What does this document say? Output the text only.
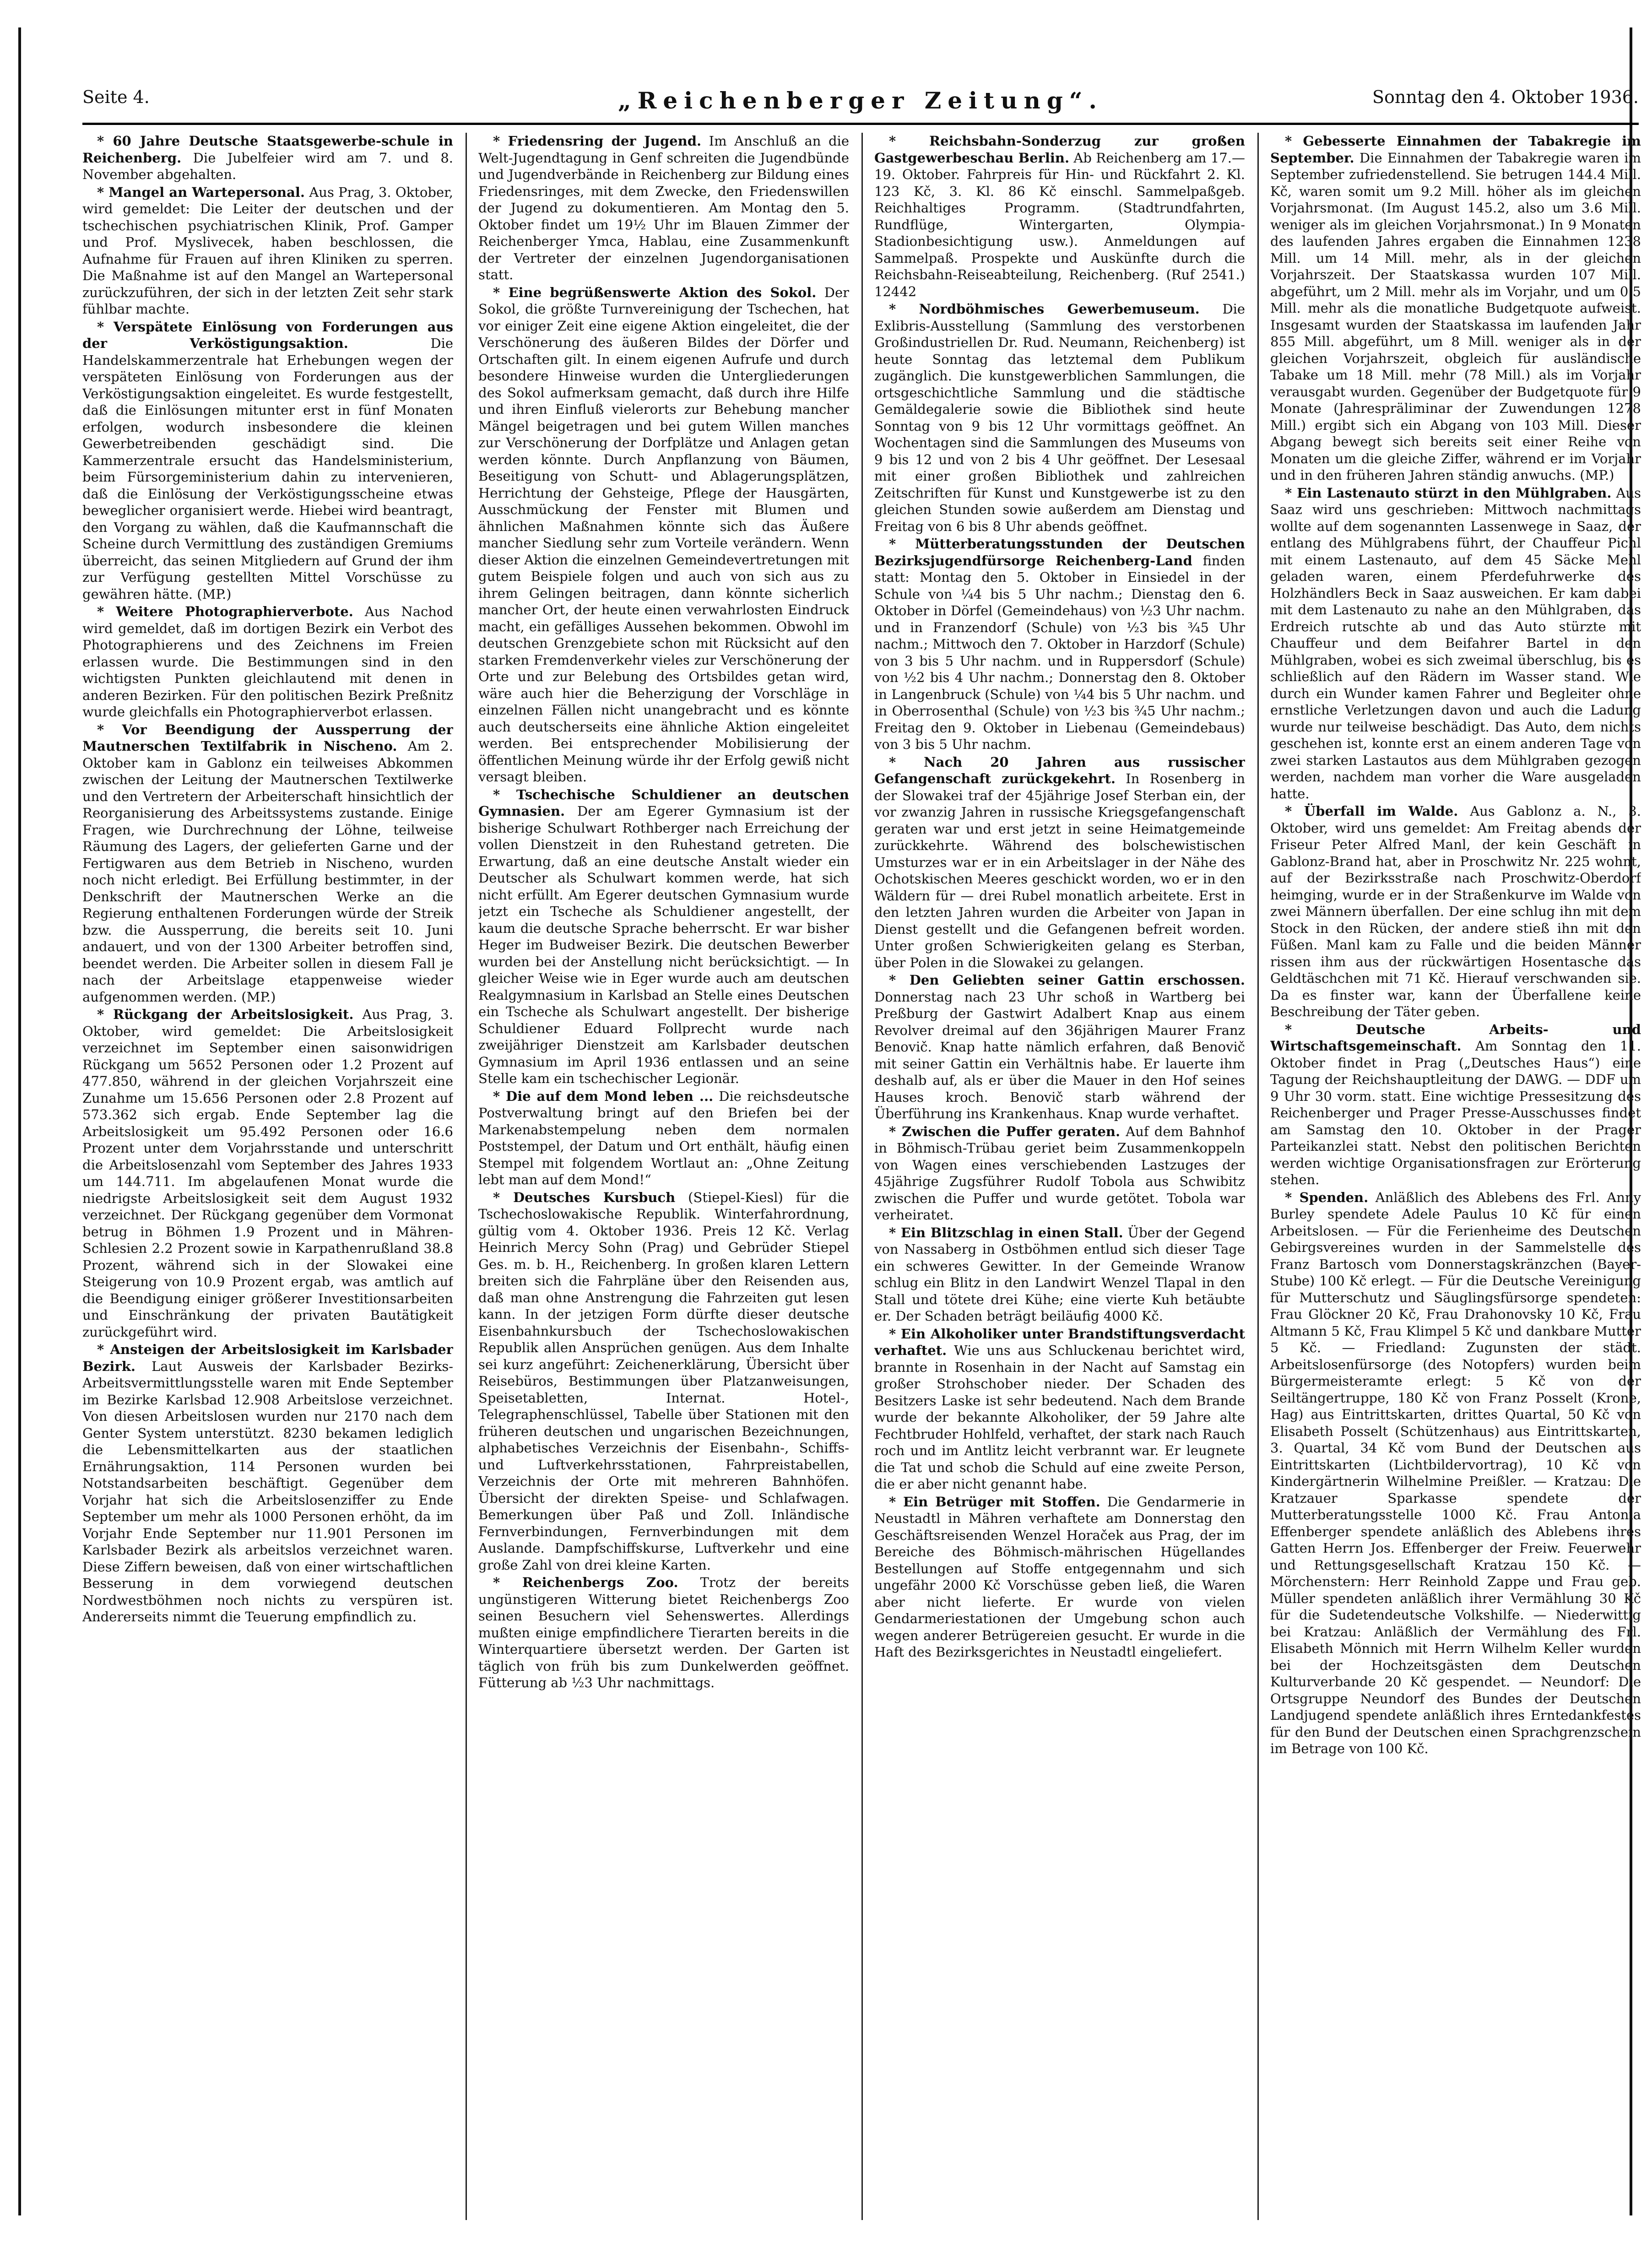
Seite 4.	„Reichenberger Zeitung“.	Sonntag den 4. Oktober 1936.

* 60 Jahre Deutsche Staatsgewerbe-schule in Reichenberg. Die Jubelfeier wird am 7. und 8. November abgehalten.

* Mangel an Wartepersonal. Aus Prag, 3. Oktober, wird gemeldet: Die Leiter der deutschen und der tschechischen psychiatrischen Klinik, Prof. Gamper und Prof. Myslivecek, haben beschlossen, die Aufnahme für Frauen auf ihren Kliniken zu sperren. Die Maßnahme ist auf den Mangel an Wartepersonal zurückzuführen, der sich in der letzten Zeit sehr stark fühlbar machte.

* Verspätete Einlösung von Forderungen aus der Verköstigungsaktion.	Die Handelskammerzentrale hat Erhebungen wegen der verspäteten Einlösung von Forderungen aus der Verköstigungsaktion eingeleitet. Es wurde festgestellt, daß die Einlösungen mitunter erst in fünf Monaten erfolgen, wodurch insbesondere die kleinen Gewerbetreibenden geschädigt sind. Die Kammerzentrale ersucht das Handelsministerium, beim Fürsorgeministerium dahin zu intervenieren, daß die Einlösung der Verköstigungsscheine etwas beweglicher organisiert werde. Hiebei wird beantragt, den Vorgang zu wählen, daß die Kaufmannschaft die Scheine durch Vermittlung des zuständigen Gremiums überreicht, das seinen Mitgliedern auf Grund der ihm zur Verfügung gestellten Mittel Vorschüsse zu gewähren hätte. (MP.)

* Weitere Photographierverbote. Aus Nachod wird gemeldet, daß im dortigen Bezirk ein Verbot des Photographierens und des Zeichnens im Freien erlassen wurde. Die Bestimmungen sind in den wichtigsten Punkten gleichlautend mit denen in anderen Bezirken. Für den politischen Bezirk Preßnitz wurde gleichfalls ein Photographierverbot erlassen.

* Vor Beendigung der Aussperrung der Mautnerschen Textilfabrik in Nischeno. Am 2. Oktober kam in Gablonz ein teilweises Abkommen zwischen der Leitung der Mautnerschen Textilwerke und den Vertretern der Arbeiterschaft hinsichtlich der Reorganisierung des Arbeitssystems zustande. Einige Fragen, wie Durchrechnung der Löhne, teilweise Räumung des Lagers, der gelieferten Garne und der Fertigwaren aus dem Betrieb in Nischeno, wurden noch nicht erledigt. Bei Erfüllung bestimmter, in der Denkschrift der Mautnerschen Werke an die Regierung enthaltenen Forderungen würde der Streik bzw. die Aussperrung, die bereits seit 10. Juni andauert, und von der 1300 Arbeiter betroffen sind, beendet werden. Die Arbeiter sollen in diesem Fall je nach der Arbeitslage etappenweise wieder aufgenommen werden. (MP.)

* Rückgang der Arbeitslosigkeit. Aus Prag, 3. Oktober, wird gemeldet: Die Arbeitslosigkeit verzeichnet im September einen saisonwidrigen Rückgang um 5652 Personen oder 1.2 Prozent auf 477.850, während in der gleichen Vorjahrszeit eine Zunahme um 15.656 Personen oder 2.8 Prozent auf 573.362 sich ergab. Ende September lag die Arbeitslosigkeit um 95.492 Personen oder 16.6 Prozent unter dem Vorjahrsstande und unterschritt die Arbeitslosenzahl vom September des Jahres 1933 um 144.711. Im abgelaufenen Monat wurde die niedrigste Arbeitslosigkeit seit dem August 1932 verzeichnet. Der Rückgang gegenüber dem Vormonat betrug in Böhmen 1.9 Prozent und in Mähren-Schlesien 2.2 Prozent sowie in Karpathenrußland 38.8 Prozent, während sich in der Slowakei eine Steigerung von 10.9 Prozent ergab, was amtlich auf die Beendigung einiger größerer Investitionsarbeiten und Einschränkung der privaten Bautätigkeit zurückgeführt wird.

* Ansteigen der Arbeitslosigkeit im Karlsbader Bezirk. Laut Ausweis der Karlsbader Bezirks-Arbeitsvermittlungsstelle waren mit Ende September im Bezirke Karlsbad 12.908 Arbeitslose verzeichnet. Von diesen Arbeitslosen wurden nur 2170 nach dem Genter System unterstützt. 8230 bekamen lediglich die Lebensmittelkarten aus der staatlichen Ernährungsaktion, 114 Personen wurden bei Notstandsarbeiten beschäftigt. Gegenüber dem Vorjahr hat sich die Arbeitslosenziffer zu Ende September um mehr als 1000 Personen erhöht, da im Vorjahr Ende September nur 11.901 Personen im Karlsbader Bezirk als arbeitslos verzeichnet waren. Diese Ziffern beweisen, daß von einer wirtschaftlichen Besserung in dem vorwiegend deutschen Nordwestböhmen noch nichts zu verspüren ist. Andererseits nimmt die Teuerung empfindlich zu.

* Friedensring der Jugend. Im Anschluß an die Welt-Jugendtagung in Genf schreiten die Jugendbünde und Jugendverbände in Reichenberg zur Bildung eines Friedensringes, mit dem Zwecke, den Friedenswillen der Jugend zu dokumentieren. Am Montag den 5. Oktober findet um 19½ Uhr im Blauen Zimmer der Reichenberger Ymca, Hablau, eine Zusammenkunft der Vertreter der einzelnen Jugendorganisationen statt.

* Eine begrüßenswerte Aktion des Sokol. Der Sokol, die größte Turnvereinigung der Tschechen, hat vor einiger Zeit eine eigene Aktion eingeleitet, die der Verschönerung des äußeren Bildes der Dörfer und Ortschaften gilt. In einem eigenen Aufrufe und durch besondere Hinweise wurden die Untergliederungen des Sokol aufmerksam gemacht, daß durch ihre Hilfe und ihren Einfluß vielerorts zur Behebung mancher Mängel beigetragen und bei gutem Willen manches zur Verschönerung der Dorfplätze und Anlagen getan werden könnte. Durch Anpflanzung von Bäumen, Beseitigung von Schutt- und Ablagerungsplätzen, Herrichtung der Gehsteige, Pflege der Hausgärten, Ausschmückung der Fenster mit Blumen und ähnlichen Maßnahmen könnte sich das Äußere mancher Siedlung sehr zum Vorteile verändern. Wenn dieser Aktion die einzelnen Gemeindevertretungen mit gutem Beispiele folgen und auch von sich aus zu ihrem Gelingen beitragen, dann könnte sicherlich mancher Ort, der heute einen verwahrlosten Eindruck macht, ein gefälliges Aussehen bekommen. Obwohl im deutschen Grenzgebiete schon mit Rücksicht auf den starken Fremdenverkehr vieles zur Verschönerung der Orte und zur Belebung des Ortsbildes getan wird, wäre auch hier die Beherzigung der Vorschläge in einzelnen Fällen nicht unangebracht und es könnte auch deutscherseits eine ähnliche Aktion eingeleitet werden. Bei entsprechender Mobilisierung der öffentlichen Meinung würde ihr der Erfolg gewiß nicht versagt bleiben.

* Tschechische Schuldiener an deutschen Gymnasien. Der am Egerer Gymnasium ist der bisherige Schulwart Rothberger nach Erreichung der vollen Dienstzeit in den Ruhestand getreten. Die Erwartung, daß an eine deutsche Anstalt wieder ein Deutscher als Schulwart kommen werde, hat sich nicht erfüllt. Am Egerer deutschen Gymnasium wurde jetzt ein Tscheche als Schuldiener angestellt, der kaum die deutsche Sprache beherrscht. Er war bisher Heger im Budweiser Bezirk. Die deutschen Bewerber wurden bei der Anstellung nicht berücksichtigt. — In gleicher Weise wie in Eger wurde auch am deutschen Realgymnasium in Karlsbad an Stelle eines Deutschen ein Tscheche als Schulwart angestellt. Der bisherige Schuldiener Eduard Follprecht wurde nach zweijähriger Dienstzeit am Karlsbader deutschen Gymnasium im April 1936 entlassen und an seine Stelle kam ein tschechischer Legionär.

* Die auf dem Mond leben ... Die reichsdeutsche Postverwaltung bringt auf den Briefen bei der Markenabstempelung neben dem normalen Poststempel, der Datum und Ort enthält, häufig einen Stempel mit folgendem Wortlaut an: „Ohne Zeitung lebt man auf dem Mond!“

* Deutsches Kursbuch (Stiepel-Kiesl) für die Tschechoslowakische Republik. Winterfahrordnung, gültig vom 4. Oktober 1936. Preis 12 Kč. Verlag Heinrich Mercy Sohn (Prag) und Gebrüder Stiepel Ges. m. b. H., Reichenberg. In großen klaren Lettern breiten sich die Fahrpläne über den Reisenden aus, daß man ohne Anstrengung die Fahrzeiten gut lesen kann. In der jetzigen Form dürfte dieser deutsche Eisenbahnkursbuch der Tschechoslowakischen Republik allen Ansprüchen genügen. Aus dem Inhalte sei kurz angeführt: Zeichenerklärung, Übersicht über Reisebüros, Bestimmungen über Platzanweisungen, Speisetabletten, Internat. Hotel-, Telegraphenschlüssel, Tabelle über Stationen mit den früheren deutschen und ungarischen Bezeichnungen, alphabetisches Verzeichnis der Eisenbahn-, Schiffs- und Luftverkehrsstationen, Fahrpreistabellen, Verzeichnis der Orte mit mehreren Bahnhöfen. Übersicht der direkten Speise- und Schlafwagen. Bemerkungen über Paß und Zoll. Inländische Fernverbindungen, Fernverbindungen mit dem Auslande. Dampfschiffskurse, Luftverkehr und eine große Zahl von drei kleine Karten.

* Reichenbergs Zoo. Trotz der bereits ungünstigeren Witterung bietet Reichenbergs Zoo seinen Besuchern viel Sehenswertes. Allerdings mußten einige empfindlichere Tierarten bereits in die Winterquartiere übersetzt werden. Der Garten ist täglich von früh bis zum Dunkelwerden geöffnet. Fütterung ab ½3 Uhr nachmittags.

* Reichsbahn-Sonderzug zur großen Gastgewerbeschau Berlin. Ab Reichenberg am 17.—19. Oktober. Fahrpreis für Hin- und Rückfahrt 2. Kl. 123 Kč, 3. Kl. 86 Kč einschl. Sammelpaßgeb. Reichhaltiges Programm. (Stadtrundfahrten, Rundflüge, Wintergarten, Olympia-Stadionbesichtigung usw.). Anmeldungen auf Sammelpaß. Prospekte und Auskünfte durch die Reichsbahn-Reiseabteilung, Reichenberg. (Ruf 2541.) 12442

* Nordböhmisches Gewerbemuseum. Die Exlibris-Ausstellung (Sammlung des verstorbenen Großindustriellen Dr. Rud. Neumann, Reichenberg) ist heute Sonntag das letztemal dem Publikum zugänglich. Die kunstgewerblichen Sammlungen, die ortsgeschichtliche Sammlung und die städtische Gemäldegalerie sowie die Bibliothek sind heute Sonntag von 9 bis 12 Uhr vormittags geöffnet. An Wochentagen sind die Sammlungen des Museums von 9 bis 12 und von 2 bis 4 Uhr geöffnet. Der Lesesaal mit einer großen Bibliothek und zahlreichen Zeitschriften für Kunst und Kunstgewerbe ist zu den gleichen Stunden sowie außerdem am Dienstag und Freitag von 6 bis 8 Uhr abends geöffnet.

* Mütterberatungsstunden der Deutschen Bezirksjugendfürsorge Reichenberg-Land finden statt: Montag den 5. Oktober in Einsiedel in der Schule von ¼4 bis 5 Uhr nachm.; Dienstag den 6. Oktober in Dörfel (Gemeindehaus) von ½3 Uhr nachm. und in Franzendorf (Schule) von ½3 bis ¾5 Uhr nachm.; Mittwoch den 7. Oktober in Harzdorf (Schule) von 3 bis 5 Uhr nachm. und in Ruppersdorf (Schule) von ½2 bis 4 Uhr nachm.; Donnerstag den 8. Oktober in Langenbruck (Schule) von ¼4 bis 5 Uhr nachm. und in Oberrosenthal (Schule) von ½3 bis ¾5 Uhr nachm.; Freitag den 9. Oktober in Liebenau (Gemeindebaus) von 3 bis 5 Uhr nachm.

* Nach 20 Jahren aus russischer Gefangenschaft zurückgekehrt. In Rosenberg in der Slowakei traf der 45jährige Josef Sterban ein, der vor zwanzig Jahren in russische Kriegsgefangenschaft geraten war und erst jetzt in seine Heimatgemeinde zurückkehrte. Während des bolschewistischen Umsturzes war er in ein Arbeitslager in der Nähe des Ochotskischen Meeres geschickt worden, wo er in den Wäldern für — drei Rubel monatlich arbeitete. Erst in den letzten Jahren wurden die Arbeiter von Japan in Dienst gestellt und die Gefangenen befreit worden. Unter großen Schwierigkeiten gelang es Sterban, über Polen in die Slowakei zu gelangen.

* Den Geliebten seiner Gattin erschossen. Donnerstag nach 23 Uhr schoß in Wartberg bei Preßburg der Gastwirt Adalbert Knap aus einem Revolver dreimal auf den 36jährigen Maurer Franz Benovič. Knap hatte nämlich erfahren, daß Benovič mit seiner Gattin ein Verhältnis habe. Er lauerte ihm deshalb auf, als er über die Mauer in den Hof seines Hauses kroch. Benovič starb während der Überführung ins Krankenhaus. Knap wurde verhaftet.

* Zwischen die Puffer geraten. Auf dem Bahnhof in Böhmisch-Trübau geriet beim Zusammenkoppeln von Wagen eines verschiebenden Lastzuges der 45jährige Zugsführer Rudolf Tobola aus Schwibitz zwischen die Puffer und wurde getötet. Tobola war verheiratet.

* Ein Blitzschlag in einen Stall. Über der Gegend von Nassaberg in Ostböhmen entlud sich dieser Tage ein schweres Gewitter. In der Gemeinde Wranow schlug ein Blitz in den Landwirt Wenzel Tlapal in den Stall und tötete drei Kühe; eine vierte Kuh betäubte er. Der Schaden beträgt beiläufig 4000 Kč.

* Ein Alkoholiker unter Brandstiftungsverdacht verhaftet. Wie uns aus Schluckenau berichtet wird, brannte in Rosenhain in der Nacht auf Samstag ein großer Strohschober nieder. Der Schaden des Besitzers Laske ist sehr bedeutend. Nach dem Brande wurde der bekannte Alkoholiker, der 59 Jahre alte Fechtbruder Hohlfeld, verhaftet, der stark nach Rauch roch und im Antlitz leicht verbrannt war. Er leugnete die Tat und schob die Schuld auf eine zweite Person, die er aber nicht genannt habe.

* Ein Betrüger mit Stoffen. Die Gendarmerie in Neustadtl in Mähren verhaftete am Donnerstag den Geschäftsreisenden Wenzel Horaček aus Prag, der im Bereiche des Böhmisch-mährischen Hügellandes Bestellungen auf Stoffe entgegennahm und sich ungefähr 2000 Kč Vorschüsse geben ließ, die Waren aber nicht lieferte. Er wurde von vielen Gendarmeriestationen der Umgebung schon auch wegen anderer Betrügereien gesucht. Er wurde in die Haft des Bezirksgerichtes in Neustadtl eingeliefert.

* Gebesserte Einnahmen der Tabakregie im September. Die Einnahmen der Tabakregie waren im September zufriedenstellend. Sie betrugen 144.4 Mill. Kč, waren somit um 9.2 Mill. höher als im gleichen Vorjahrsmonat. (Im August 145.2, also um 3.6 Mill. weniger als im gleichen Vorjahrsmonat.) In 9 Monaten des laufenden Jahres ergaben die Einnahmen 1238 Mill. um 14 Mill. mehr, als in der gleichen Vorjahrszeit. Der Staatskassa wurden 107 Mill. abgeführt, um 2 Mill. mehr als im Vorjahr, und um 0.5 Mill. mehr als die monatliche Budgetquote aufweist. Insgesamt wurden der Staatskassa im laufenden Jahr 855 Mill. abgeführt, um 8 Mill. weniger als in der gleichen Vorjahrszeit, obgleich für ausländische Tabake um 18 Mill. mehr (78 Mill.) als im Vorjahr verausgabt wurden. Gegenüber der Budgetquote für 9 Monate (Jahrespräliminar der Zuwendungen 1278 Mill.) ergibt sich ein Abgang von 103 Mill. Dieser Abgang bewegt sich bereits seit einer Reihe von Monaten um die gleiche Ziffer, während er im Vorjahr und in den früheren Jahren ständig anwuchs. (MP.)

* Ein Lastenauto stürzt in den Mühlgraben. Aus Saaz wird uns geschrieben: Mittwoch nachmittags wollte auf dem sogenannten Lassenwege in Saaz, der entlang des Mühlgrabens führt, der Chauffeur Pichl mit einem Lastenauto, auf dem 45 Säcke Mehl geladen waren, einem Pferdefuhrwerke des Holzhändlers Beck in Saaz ausweichen. Er kam dabei mit dem Lastenauto zu nahe an den Mühlgraben, das Erdreich rutschte ab und das Auto stürzte mit Chauffeur und dem Beifahrer Bartel in den Mühlgraben, wobei es sich zweimal überschlug, bis es schließlich auf den Rädern im Wasser stand. Wie durch ein Wunder kamen Fahrer und Begleiter ohne ernstliche Verletzungen davon und auch die Ladung wurde nur teilweise beschädigt. Das Auto, dem nichts geschehen ist, konnte erst an einem anderen Tage von zwei starken Lastautos aus dem Mühlgraben gezogen werden, nachdem man vorher die Ware ausgeladen hatte.

* Überfall im Walde. Aus Gablonz a. N., 3. Oktober, wird uns gemeldet: Am Freitag abends der Friseur Peter Alfred Manl, der kein Geschäft in Gablonz-Brand hat, aber in Proschwitz Nr. 225 wohnt, auf der Bezirksstraße nach Proschwitz-Oberdorf heimging, wurde er in der Straßenkurve im Walde von zwei Männern überfallen. Der eine schlug ihn mit dem Stock in den Rücken, der andere stieß ihn mit den Füßen. Manl kam zu Falle und die beiden Männer rissen ihm aus der rückwärtigen Hosentasche das Geldtäschchen mit 71 Kč. Hierauf verschwanden sie. Da es finster war, kann der Überfallene keine Beschreibung der Täter geben.

* Deutsche Arbeits- und Wirtschaftsgemeinschaft. Am Sonntag den 11. Oktober findet in Prag („Deutsches Haus“) eine Tagung der Reichshauptleitung der DAWG. — DDF um 9 Uhr 30 vorm. statt. Eine wichtige Pressesitzung des Reichenberger und Prager Presse-Ausschusses findet am Samstag den 10. Oktober in der Prager Parteikanzlei statt. Nebst den politischen Berichten werden wichtige Organisationsfragen zur Erörterung stehen.

* Spenden. Anläßlich des Ablebens des Frl. Anny Burley spendete Adele Paulus 10 Kč für einen Arbeitslosen. — Für die Ferienheime des Deutschen Gebirgsvereines wurden in der Sammelstelle des Franz Bartosch vom Donnerstagskränzchen (Bayer-Stube) 100 Kč erlegt. — Für die Deutsche Vereinigung für Mutterschutz und Säuglingsfürsorge spendeten: Frau Glöckner 20 Kč, Frau Drahonovsky 10 Kč, Frau Altmann 5 Kč, Frau Klimpel 5 Kč und dankbare Mutter 5 Kč. — Friedland: Zugunsten der städt. Arbeitslosenfürsorge (des Notopfers) wurden beim Bürgermeisteramte erlegt: 5 Kč von der Seiltängertruppe, 180 Kč von Franz Posselt (Krone, Hag) aus Eintrittskarten, drittes Quartal, 50 Kč von Elisabeth Posselt (Schützenhaus) aus Eintrittskarten, 3. Quartal, 34 Kč vom Bund der Deutschen aus Eintrittskarten (Lichtbildervortrag), 10 Kč von Kindergärtnerin Wilhelmine Preißler. — Kratzau: Die Kratzauer Sparkasse spendete der Mutterberatungsstelle 1000 Kč. Frau Antonia Effenberger spendete anläßlich des Ablebens ihres Gatten Herrn Jos. Effenberger der Freiw. Feuerwehr und Rettungsgesellschaft Kratzau 150 Kč. — Mörchenstern: Herr Reinhold Zappe und Frau geb. Müller spendeten anläßlich ihrer Vermählung 30 Kč für die Sudetendeutsche Volkshilfe. — Niederwittig bei Kratzau: Anläßlich der Vermählung des Frl. Elisabeth Mönnich mit Herrn Wilhelm Keller wurden bei der Hochzeitsgästen dem Deutschen Kulturverbande 20 Kč gespendet. — Neundorf: Die Ortsgruppe Neundorf des Bundes der Deutschen Landjugend spendete anläßlich ihres Erntedankfestes für den Bund der Deutschen einen Sprachgrenzschein im Betrage von 100 Kč.
